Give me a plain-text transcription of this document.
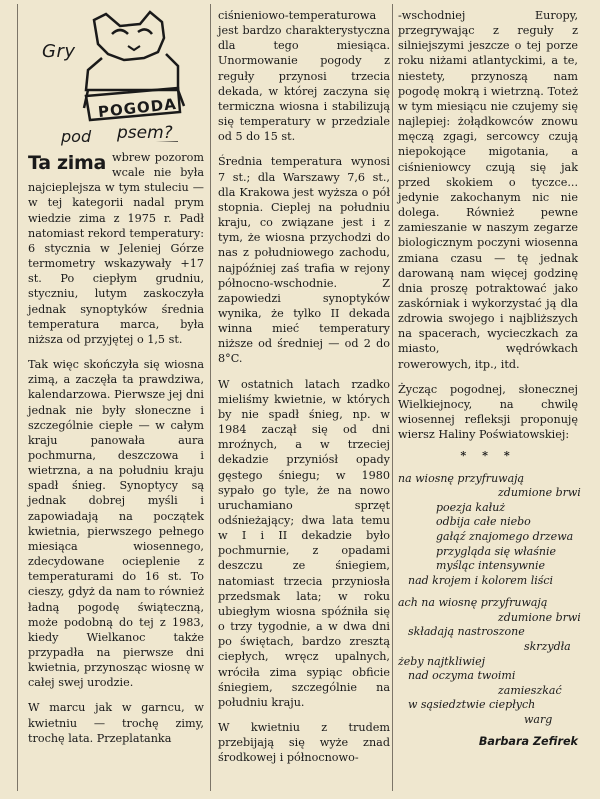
Gry
POGODA
pod psem?

Ta zima wbrew pozorom wcale nie była najcieplejsza w tym stuleciu — w tej kategorii nadal prym wiedzie zima z 1975 r. Padł natomiast rekord temperatury: 6 stycznia w Jeleniej Górze termometry wskazywały +17 st. Po ciepłym grudniu, styczniu, lutym zaskoczyła jednak synoptyków średnia temperatura marca, była niższa od przyjętej o 1,5 st.

Tak więc skończyła się wiosna zimą, a zaczęła ta prawdziwa, kalendarzowa. Pierwsze jej dni jednak nie były słoneczne i szczególnie ciepłe — w całym kraju panowała aura pochmurna, deszczowa i wietrzna, a na południu kraju spadł śnieg. Synoptycy są jednak dobrej myśli i zapowiadają na początek kwietnia, pierwszego pełnego miesiąca wiosennego, zdecydowane ocieplenie z temperaturami do 16 st. To cieszy, gdyż da nam to również ładną pogodę świąteczną, może podobną do tej z 1983, kiedy Wielkanoc także przypadła na pierwsze dni kwietnia, przynosząc wiosnę w całej swej urodzie.

W marcu jak w garncu, w kwietniu — trochę zimy, trochę lata. Przeplatanka

ciśnieniowo-temperaturowa jest bardzo charakterystyczna dla tego miesiąca. Unormowanie pogody z reguły przynosi trzecia dekada, w której zaczyna się termiczna wiosna i stabilizują się temperatury w przedziale od 5 do 15 st.

Średnia temperatura wynosi 7 st.; dla Warszawy 7,6 st., dla Krakowa jest wyższa o pół stopnia. Cieplej na południu kraju, co związane jest i z tym, że wiosna przychodzi do nas z południowego zachodu, najpóźniej zaś trafia w rejony północno-wschodnie. Z zapowiedzi synoptyków wynika, że tylko II dekada winna mieć temperatury niższe od średniej — od 2 do 8°C.

W ostatnich latach rzadko mieliśmy kwietnie, w których by nie spadł śnieg, np. w 1984 zaczął się od dni mroźnych, a w trzeciej dekadzie przyniósł opady gęstego śniegu; w 1980 sypało go tyle, że na nowo uruchamiano sprzęt odśnieżający; dwa lata temu w I i II dekadzie było pochmurnie, z opadami deszczu ze śniegiem, natomiast trzecia przyniosła przedsmak lata; w roku ubiegłym wiosna spóźniła się o trzy tygodnie, a w dwa dni po świętach, bardzo zresztą ciepłych, wręcz upalnych, wróciła zima sypiąc obficie śniegiem, szczególnie na południu kraju.

W kwietniu z trudem przebijają się wyże znad środkowej i północnowo-

-wschodniej Europy, przegrywając z reguły z silniejszymi jeszcze o tej porze roku niżami atlantyckimi, a te, niestety, przynoszą nam pogodę mokrą i wietrzną. Toteż w tym miesiącu nie czujemy się najlepiej: żołądkowców znowu męczą zgagi, sercowcy czują niepokojące migotania, a ciśnieniowcy czują się jak przed skokiem o tyczce... jedynie zakochanym nic nie dolega. Również pewne zamieszanie w naszym zegarze biologicznym poczyni wiosenna zmiana czasu — tę jednak darowaną nam więcej godzinę dnia proszę potraktować jako zaskórniak i wykorzystać ją dla zdrowia swojego i najbliższych na spacerach, wycieczkach za miasto, wędrówkach rowerowych, itp., itd.

Życząc pogodnej, słonecznej Wielkiejnocy, na chwilę wiosennej refleksji proponuję wiersz Haliny Poświatowskiej:

* * *
na wiosnę przyfruwają
zdumione brwi
poezja kałuż
odbija całe niebo
gałąź znajomego drzewa
przygląda się właśnie
myśląc intensywnie
nad krojem i kolorem liści
ach na wiosnę przyfruwają
zdumione brwi
składają nastroszone
skrzydła
żeby najtkliwiej
nad oczyma twoimi
zamieszkać
w sąsiedztwie ciepłych
warg
Barbara Zefirek
